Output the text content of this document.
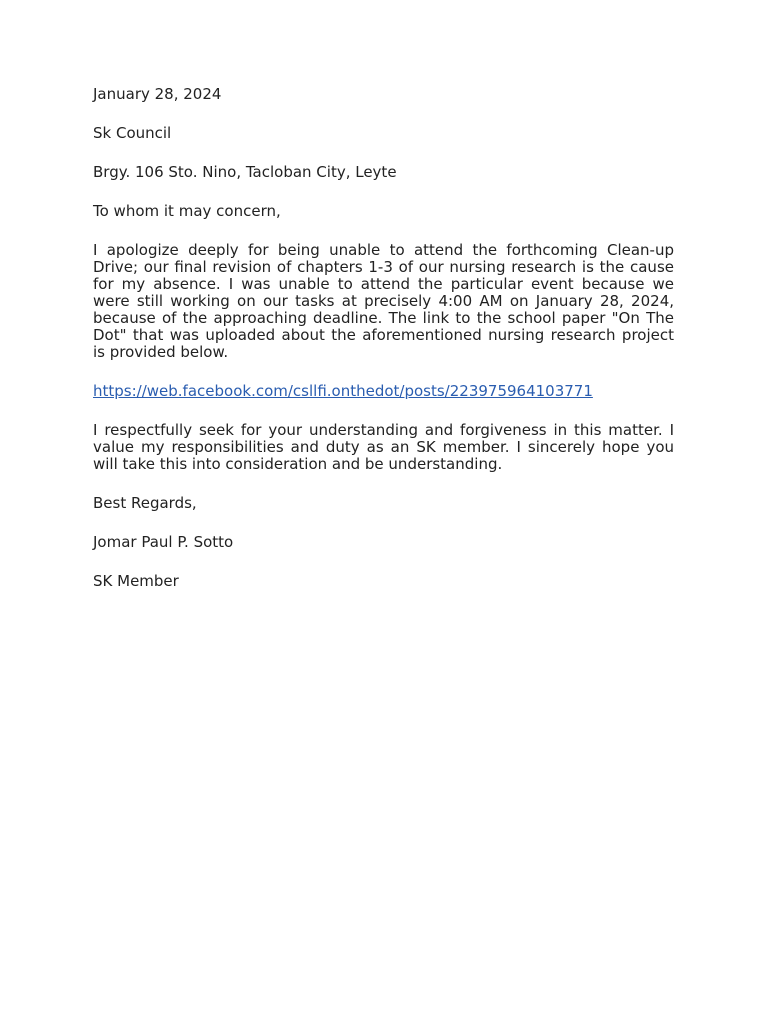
January 28, 2024

Sk Council

Brgy. 106 Sto. Nino, Tacloban City, Leyte

To whom it may concern,

I apologize deeply for being unable to attend the forthcoming Clean-up Drive; our final revision of chapters 1-3 of our nursing research is the cause for my absence. I was unable to attend the particular event because we were still working on our tasks at precisely 4:00 AM on January 28, 2024, because of the approaching deadline. The link to the school paper "On The Dot" that was uploaded about the aforementioned nursing research project is provided below.

https://web.facebook.com/csllfi.onthedot/posts/223975964103771

I respectfully seek for your understanding and forgiveness in this matter. I value my responsibilities and duty as an SK member. I sincerely hope you will take this into consideration and be understanding.

Best Regards,

Jomar Paul P. Sotto

SK Member
